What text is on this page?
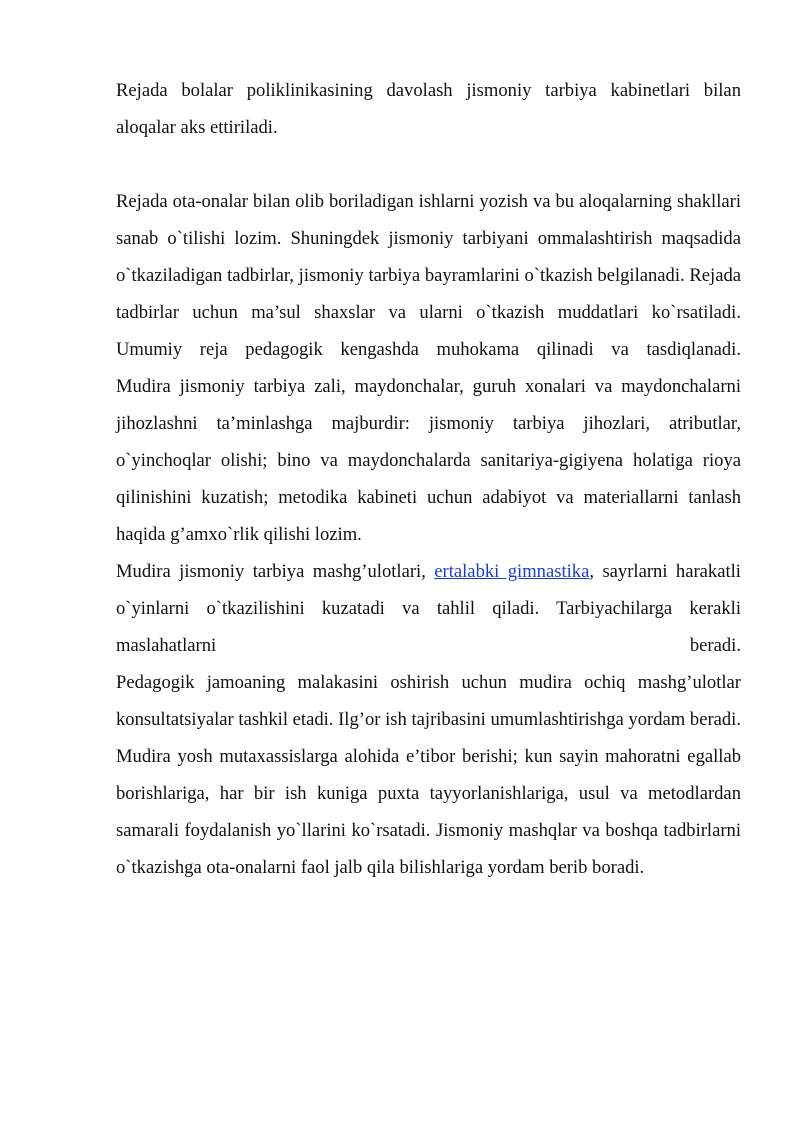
Rejada bolalar poliklinikasining davolash jismoniy tarbiya kabinetlari bilan aloqalar aks ettiriladi.

Rejada ota-onalar bilan olib boriladigan ishlarni yozish va bu aloqalarning shakllari sanab o`tilishi lozim. Shuningdek jismoniy tarbiyani ommalashtirish maqsadida o`tkaziladigan tadbirlar, jismoniy tarbiya bayramlarini o`tkazish belgilanadi. Rejada tadbirlar uchun ma’sul shaxslar va ularni o`tkazish muddatlari ko`rsatiladi. Umumiy reja pedagogik kengashda muhokama qilinadi va tasdiqlanadi.

Mudira jismoniy tarbiya zali, maydonchalar, guruh xonalari va maydonchalarni jihozlashni ta’minlashga majburdir: jismoniy tarbiya jihozlari, atributlar, o`yinchoqlar olishi; bino va maydonchalarda sanitariya-gigiyena holatiga rioya qilinishini kuzatish; metodika kabineti uchun adabiyot va materiallarni tanlash haqida g’amxo`rlik qilishi lozim.

Mudira jismoniy tarbiya mashg’ulotlari, ertalabki gimnastika, sayrlarni harakatli o`yinlarni o`tkazilishini kuzatadi va tahlil qiladi. Tarbiyachilarga kerakli maslahatlarni beradi.

Pedagogik jamoaning malakasini oshirish uchun mudira ochiq mashg’ulotlar konsultatsiyalar tashkil etadi. Ilg’or ish tajribasini umumlashtirishga yordam beradi.

Mudira yosh mutaxassislarga alohida e’tibor berishi; kun sayin mahoratni egallab borishlariga, har bir ish kuniga puxta tayyorlanishlariga, usul va metodlardan samarali foydalanish yo`llarini ko`rsatadi. Jismoniy mashqlar va boshqa tadbirlarni o`tkazishga ota-onalarni faol jalb qila bilishlariga yordam berib boradi.
